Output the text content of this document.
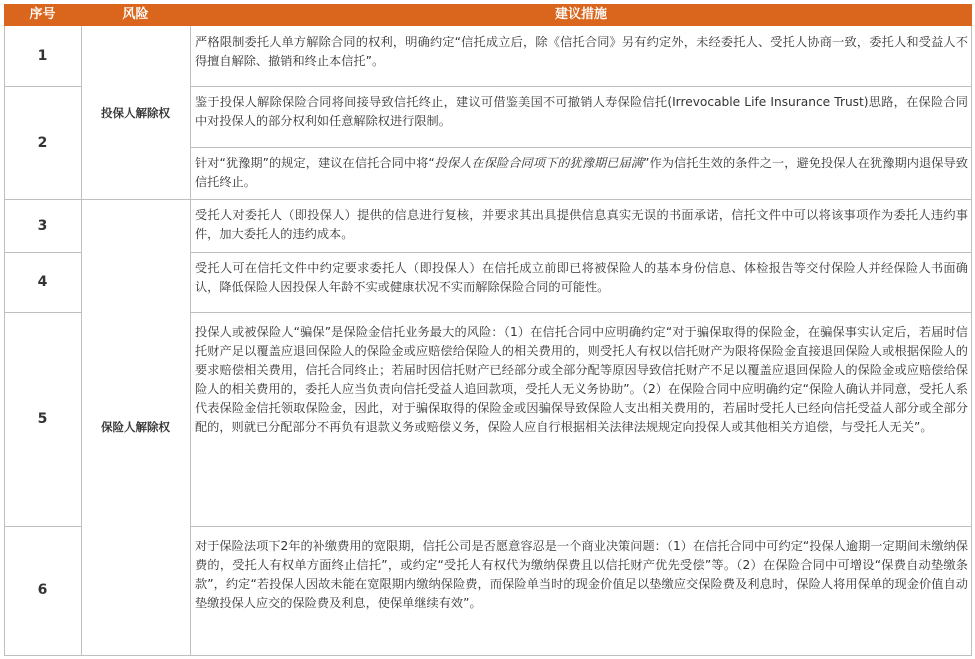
序号	风险	建议措施
1
2
3
4
5
6
投保人解除权
保险人解除权
严格限制委托人单方解除合同的权利，明确约定“信托成立后，除《信托合同》另有约定外，未经委托人、受托人协商一致，委托人和受益人不得擅自解除、撤销和终止本信托”。
鉴于投保人解除保险合同将间接导致信托终止，建议可借鉴美国不可撤销人寿保险信托(Irrevocable Life Insurance Trust)思路，在保险合同中对投保人的部分权利如任意解除权进行限制。
针对“犹豫期”的规定，建议在信托合同中将“投保人在保险合同项下的犹豫期已届满”作为信托生效的条件之一，避免投保人在犹豫期内退保导致信托终止。
受托人对委托人（即投保人）提供的信息进行复核，并要求其出具提供信息真实无误的书面承诺，信托文件中可以将该事项作为委托人违约事件，加大委托人的违约成本。
受托人可在信托文件中约定要求委托人（即投保人）在信托成立前即已将被保险人的基本身份信息、体检报告等交付保险人并经保险人书面确认，降低保险人因投保人年龄不实或健康状况不实而解除保险合同的可能性。
投保人或被保险人“骗保”是保险金信托业务最大的风险：（1）在信托合同中应明确约定“对于骗保取得的保险金，在骗保事实认定后，若届时信托财产足以覆盖应退回保险人的保险金或应赔偿给保险人的相关费用的，则受托人有权以信托财产为限将保险金直接退回保险人或根据保险人的要求赔偿相关费用，信托合同终止；若届时因信托财产已经部分或全部分配等原因导致信托财产不足以覆盖应退回保险人的保险金或应赔偿给保险人的相关费用的，委托人应当负责向信托受益人追回款项，受托人无义务协助”。（2）在保险合同中应明确约定“保险人确认并同意，受托人系代表保险金信托领取保险金，因此，对于骗保取得的保险金或因骗保导致保险人支出相关费用的，若届时受托人已经向信托受益人部分或全部分配的，则就已分配部分不再负有退款义务或赔偿义务，保险人应自行根据相关法律法规规定向投保人或其他相关方追偿，与受托人无关”。
对于保险法项下2年的补缴费用的宽限期，信托公司是否愿意容忍是一个商业决策问题：（1）在信托合同中可约定“投保人逾期一定期间未缴纳保费的，受托人有权单方面终止信托”，或约定“受托人有权代为缴纳保费且以信托财产优先受偿”等。（2）在保险合同中可增设“保费自动垫缴条款”，约定“若投保人因故未能在宽限期内缴纳保险费，而保险单当时的现金价值足以垫缴应交保险费及利息时，保险人将用保单的现金价值自动垫缴投保人应交的保险费及利息，使保单继续有效”。
